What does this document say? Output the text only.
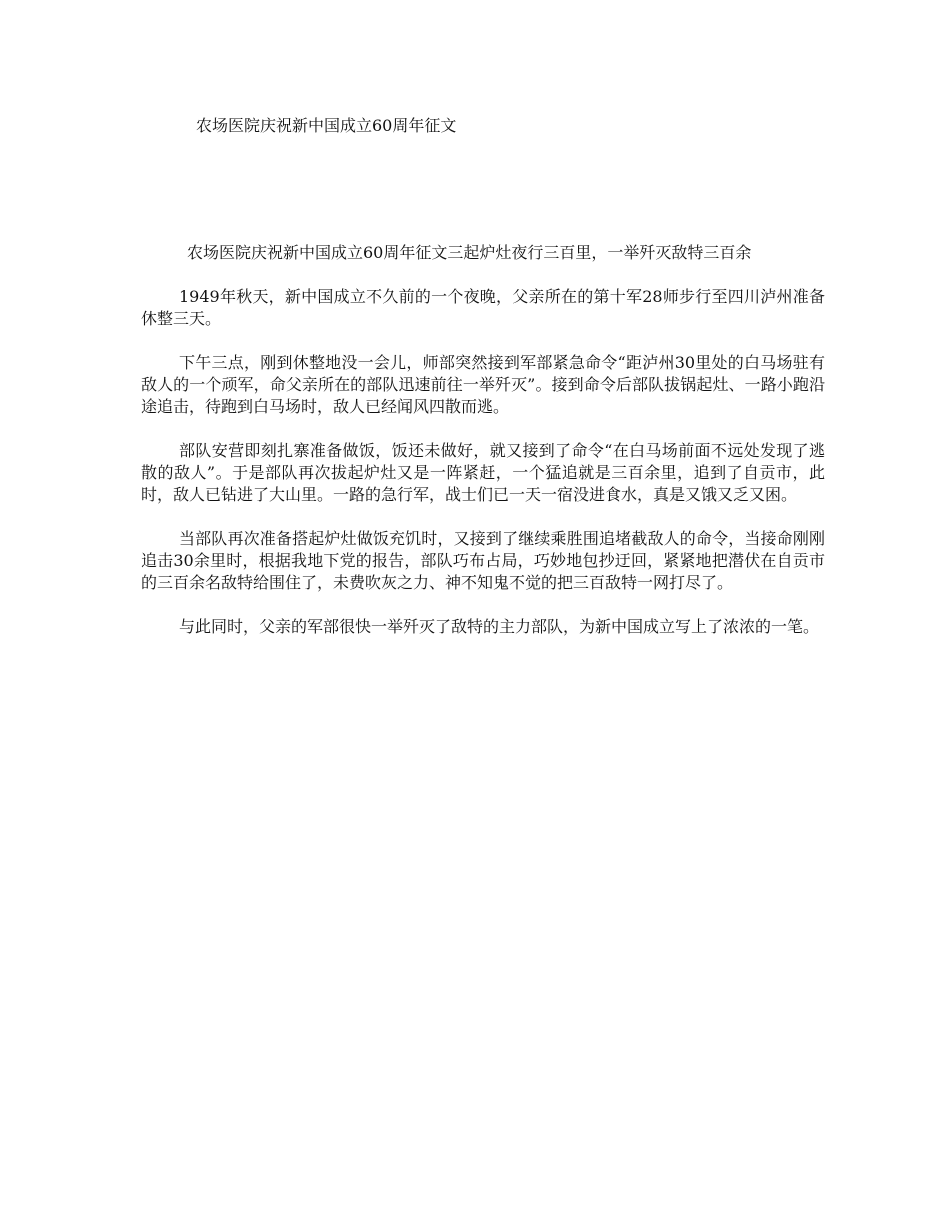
农场医院庆祝新中国成立60周年征文

农场医院庆祝新中国成立60周年征文三起炉灶夜行三百里，一举歼灭敌特三百余

1949年秋天，新中国成立不久前的一个夜晚，父亲所在的第十军28师步行至四川泸州准备休整三天。

下午三点，刚到休整地没一会儿，师部突然接到军部紧急命令“距泸州30里处的白马场驻有敌人的一个顽军，命父亲所在的部队迅速前往一举歼灭”。接到命令后部队拔锅起灶、一路小跑沿途追击，待跑到白马场时，敌人已经闻风四散而逃。

部队安营即刻扎寨准备做饭，饭还未做好，就又接到了命令“在白马场前面不远处发现了逃散的敌人”。于是部队再次拔起炉灶又是一阵紧赶，一个猛追就是三百余里，追到了自贡市，此时，敌人已钻进了大山里。一路的急行军，战士们已一天一宿没进食水，真是又饿又乏又困。

当部队再次准备搭起炉灶做饭充饥时，又接到了继续乘胜围追堵截敌人的命令，当接命刚刚追击30余里时，根据我地下党的报告，部队巧布占局，巧妙地包抄迂回，紧紧地把潜伏在自贡市的三百余名敌特给围住了，未费吹灰之力、神不知鬼不觉的把三百敌特一网打尽了。

与此同时，父亲的军部很快一举歼灭了敌特的主力部队，为新中国成立写上了浓浓的一笔。
